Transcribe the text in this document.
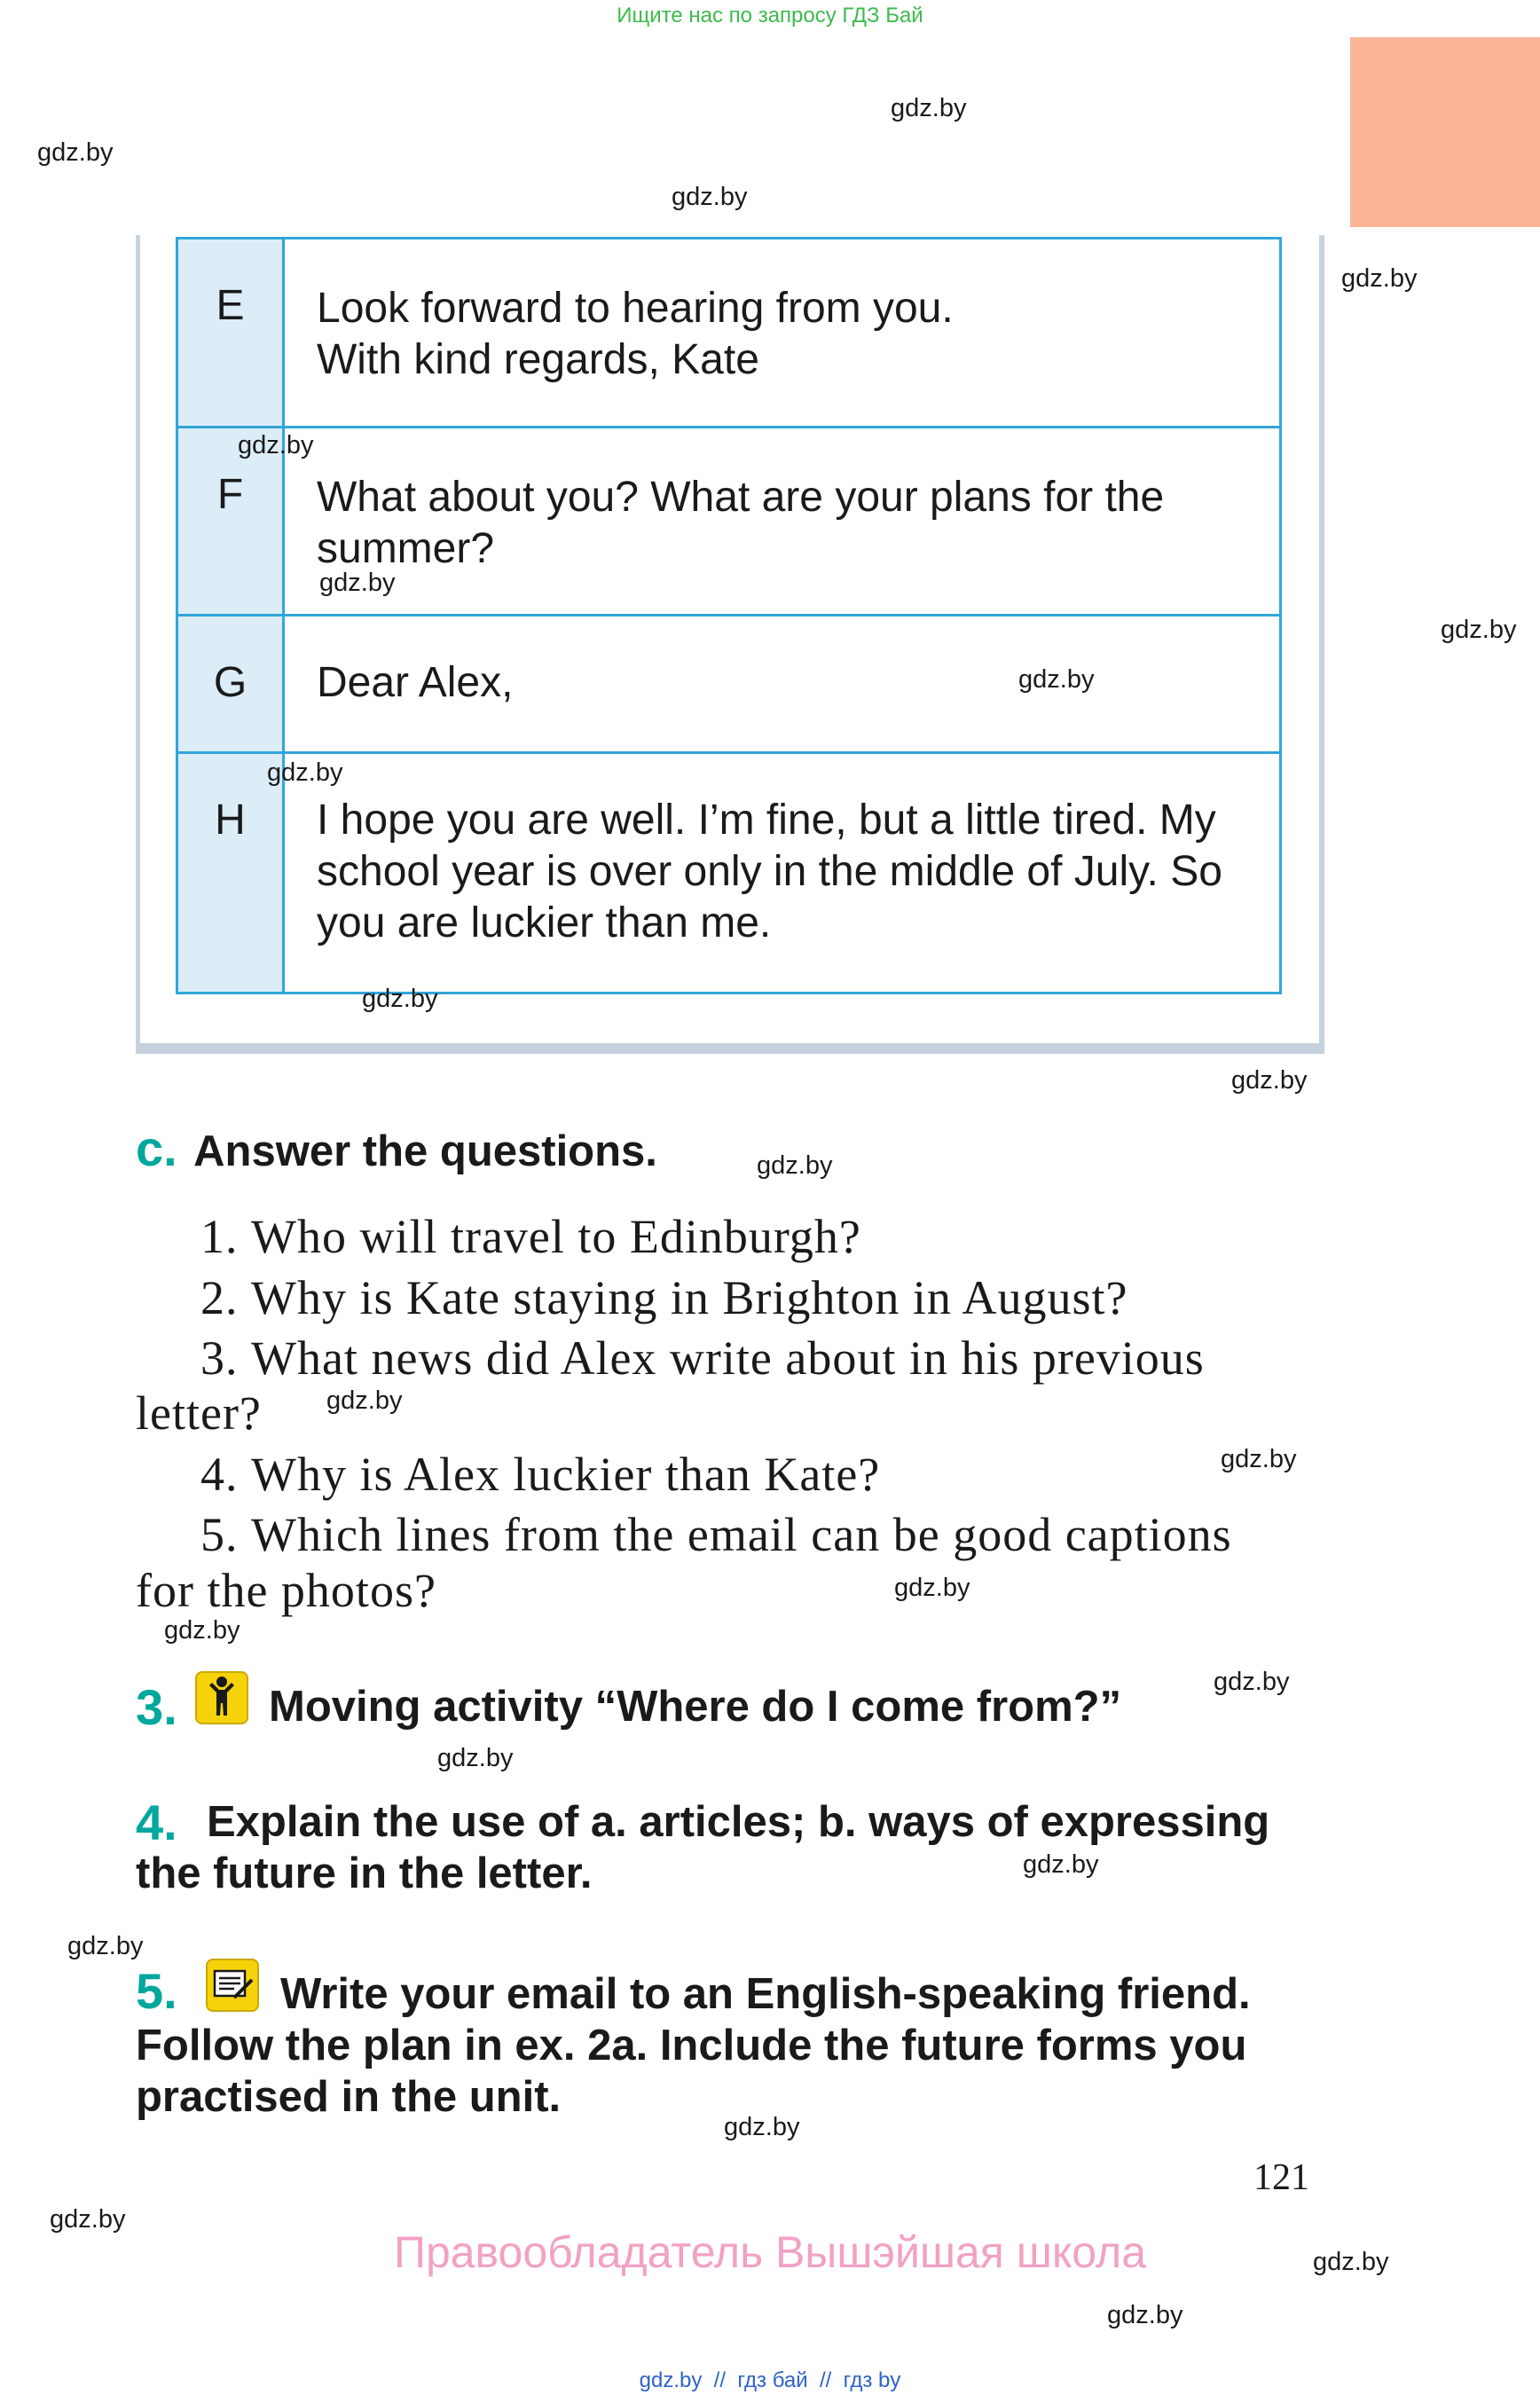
Ищите нас по запросу ГДЗ Бай
gdz.by
gdz.by
gdz.by
gdz.by
E	Look forward to hearing from you.
With kind regards, Kate
F	What about you? What are your plans for the
summer?
G	Dear Alex,
H	I hope you are well. I’m fine, but a little tired. My
school year is over only in the middle of July. So
you are luckier than me.
gdz.by
gdz.by
gdz.by
gdz.by
gdz.by
gdz.by
gdz.by
c. Answer the questions.	gdz.by
1. Who will travel to Edinburgh?
2. Why is Kate staying in Brighton in August?
3. What news did Alex write about in his previous
letter?	gdz.by
4. Why is Alex luckier than Kate?	gdz.by
5. Which lines from the email can be good captions
for the photos?	gdz.by
gdz.by
3. Moving activity “Where do I come from?”
gdz.by
gdz.by
4. Explain the use of a. articles; b. ways of expressing
the future in the letter.	gdz.by
gdz.by
5. Write your email to an English-speaking friend.
Follow the plan in ex. 2a. Include the future forms you
practised in the unit.
gdz.by
121
gdz.by
gdz.by
Правообладатель Вышэйшая школа
gdz.by
gdz.by  //  гдз бай  //  гдз by
